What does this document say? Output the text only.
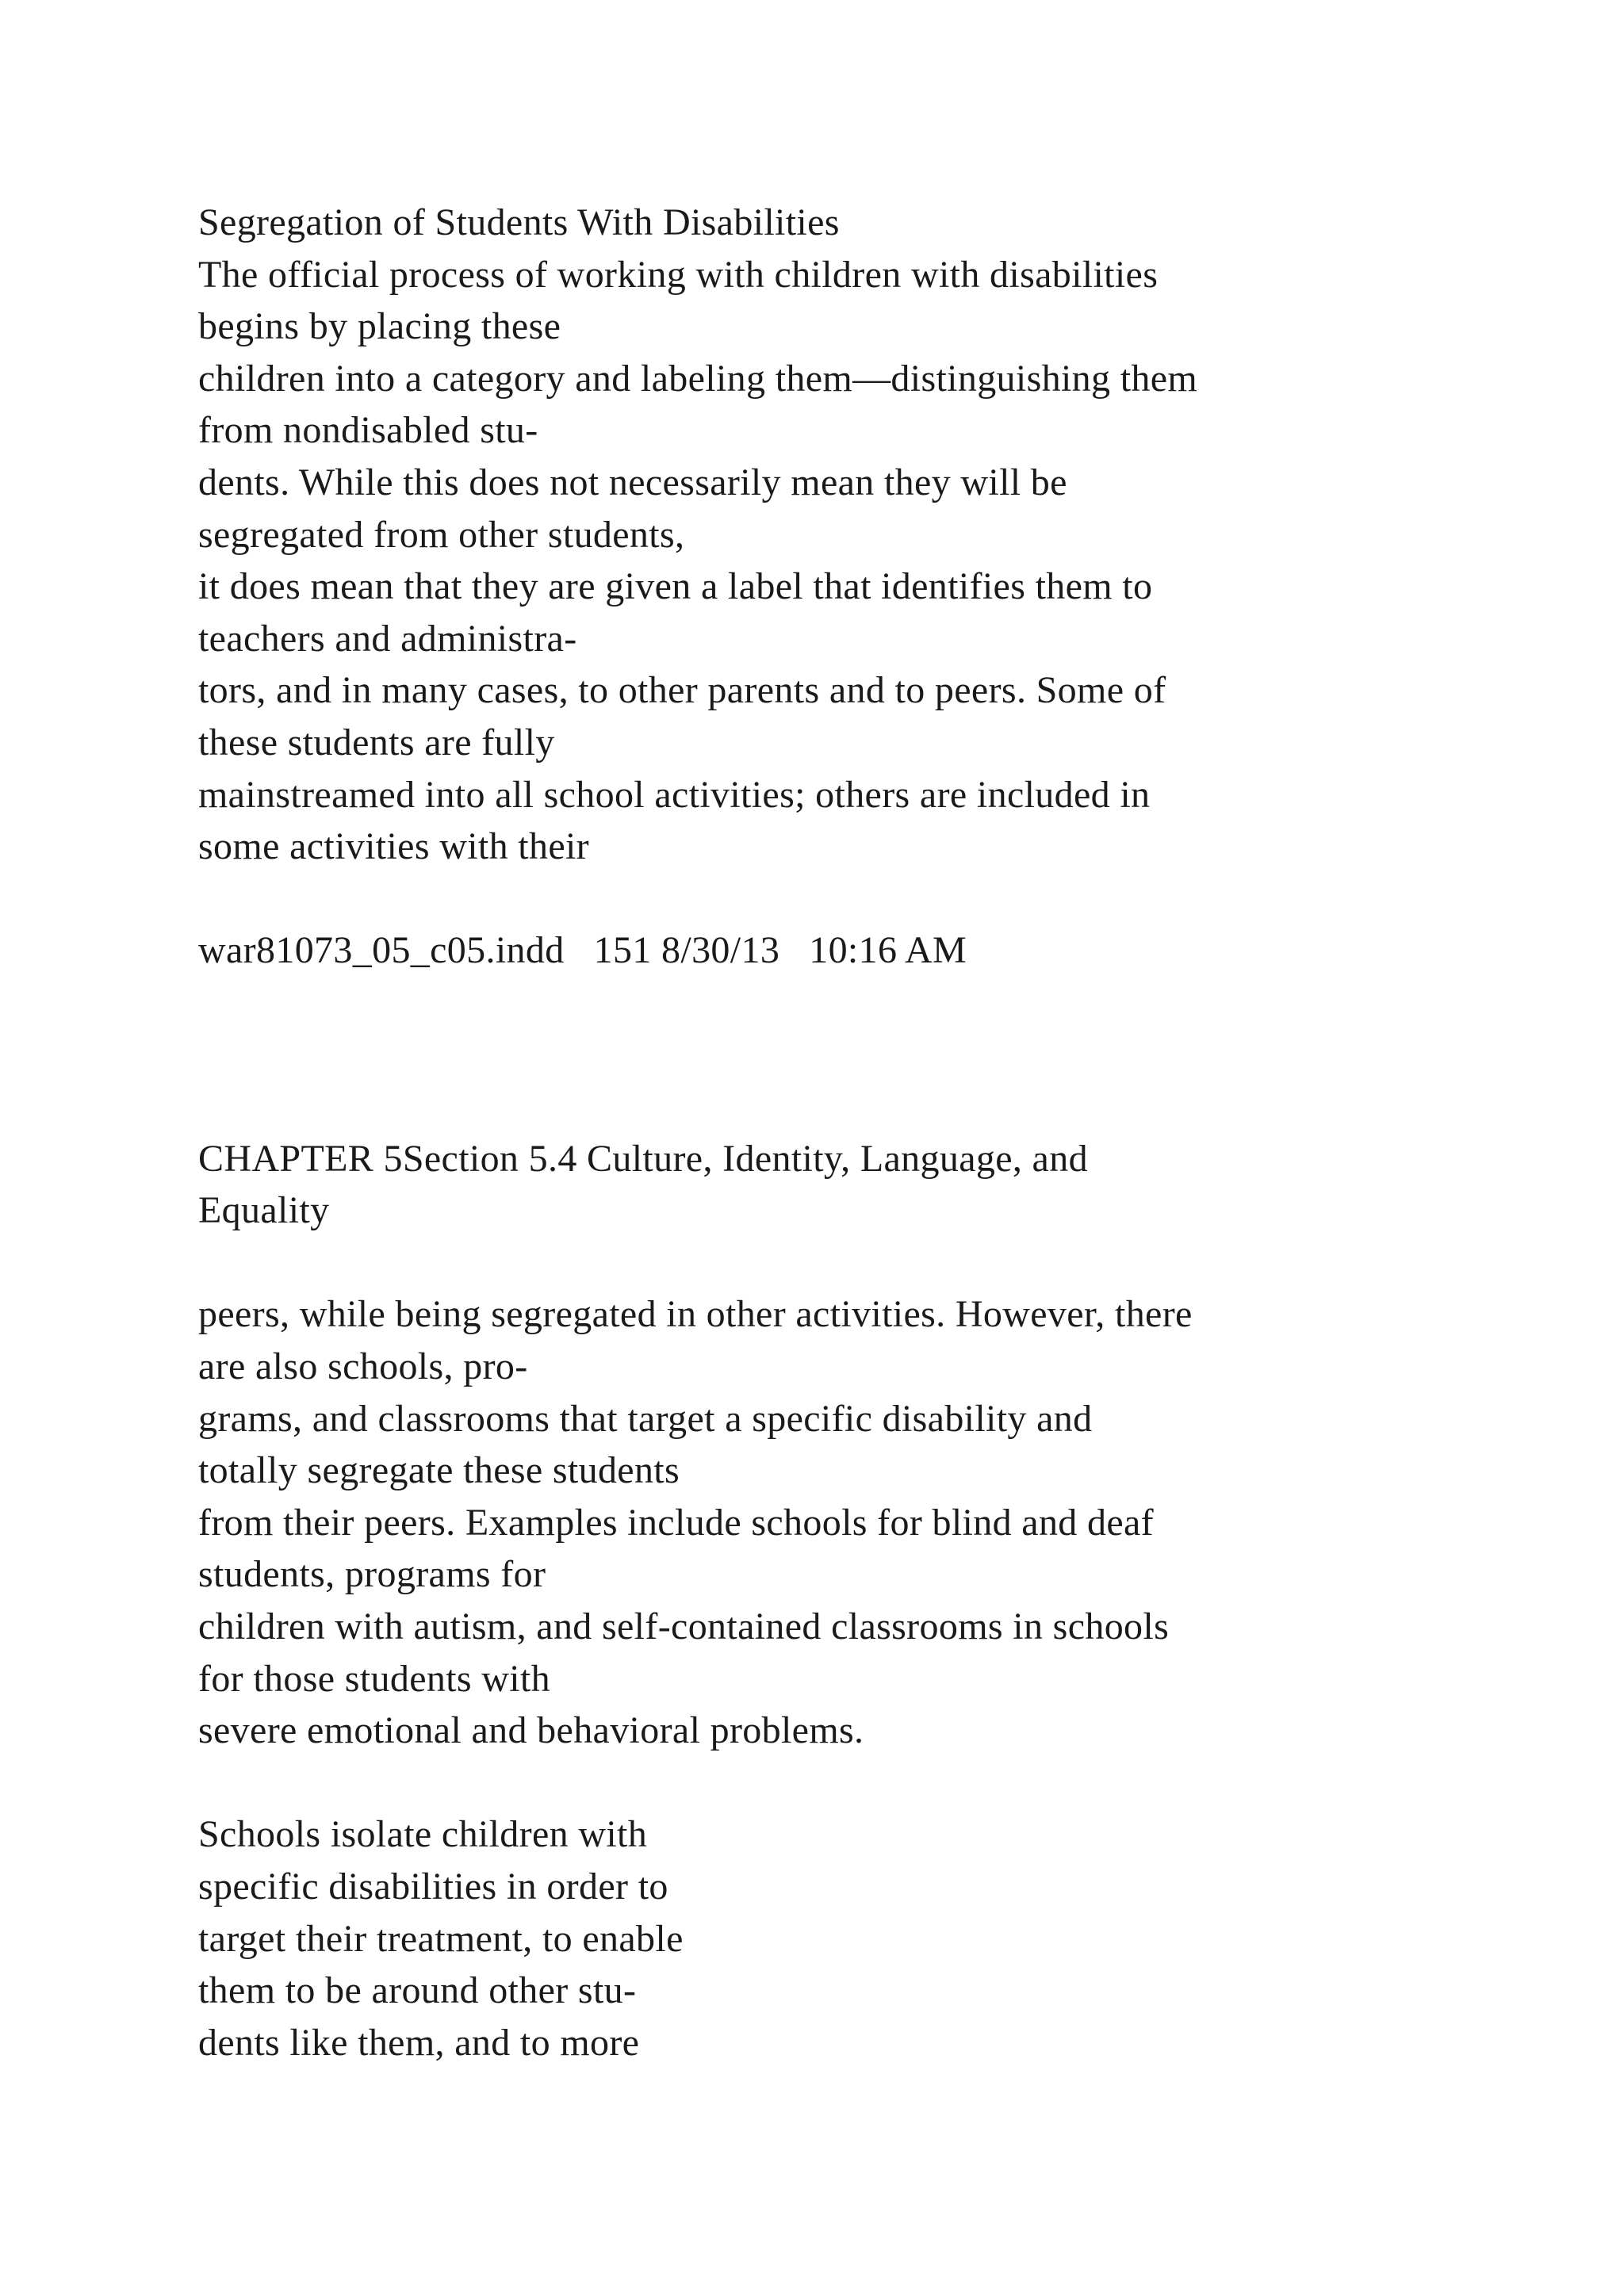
Segregation of Students With Disabilities
The official process of working with children with disabilities
begins by placing these
children into a category and labeling them—distinguishing them
from nondisabled stu-
dents. While this does not necessarily mean they will be
segregated from other students,
it does mean that they are given a label that identifies them to
teachers and administra-
tors, and in many cases, to other parents and to peers. Some of
these students are fully
mainstreamed into all school activities; others are included in
some activities with their
war81073_05_c05.indd   151 8/30/13   10:16 AM
CHAPTER 5Section 5.4 Culture, Identity, Language, and
Equality
peers, while being segregated in other activities. However, there
are also schools, pro-
grams, and classrooms that target a specific disability and
totally segregate these students
from their peers. Examples include schools for blind and deaf
students, programs for
children with autism, and self-contained classrooms in schools
for those students with
severe emotional and behavioral problems.
Schools isolate children with
specific disabilities in order to
target their treatment, to enable
them to be around other stu-
dents like them, and to more
